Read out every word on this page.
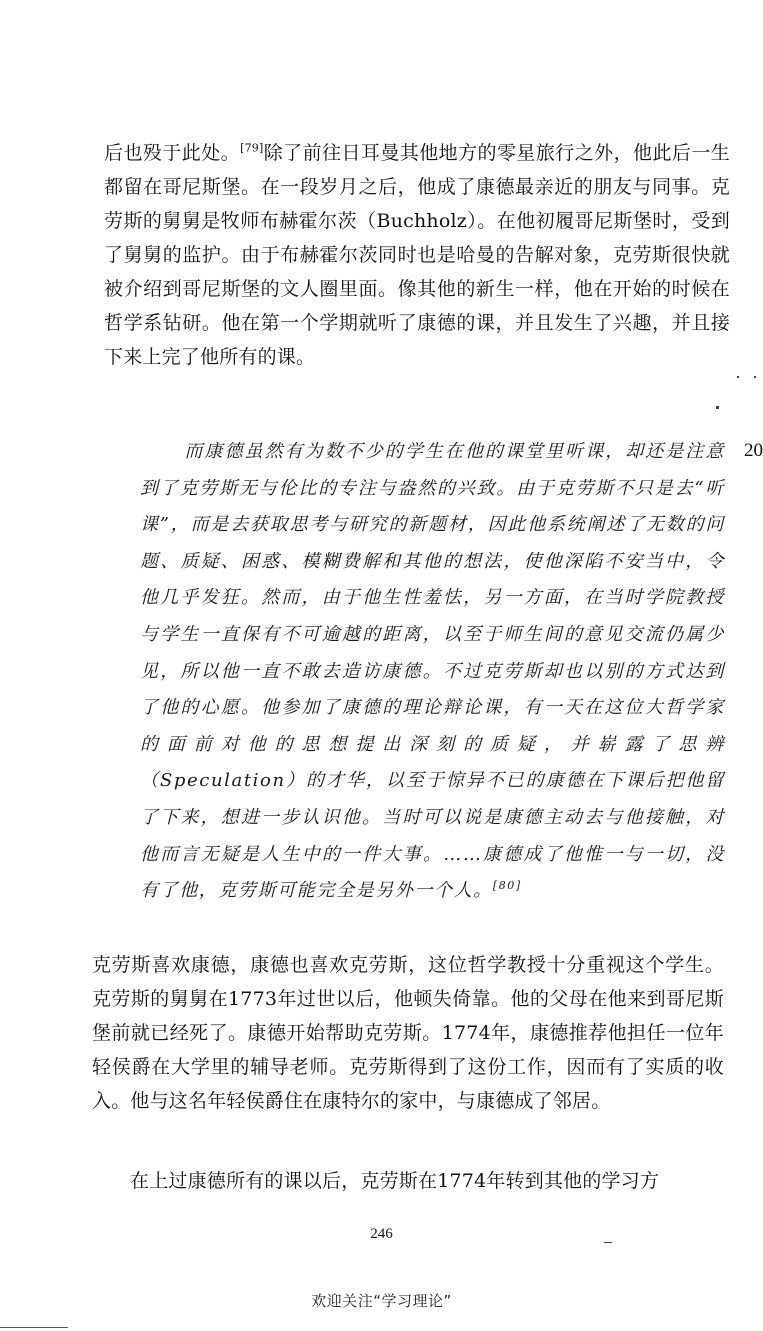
后也殁于此处。[79]除了前往日耳曼其他地方的零星旅行之外，他此后一生都留在哥尼斯堡。在一段岁月之后，他成了康德最亲近的朋友与同事。克劳斯的舅舅是牧师布赫霍尔茨（Buchholz）。在他初履哥尼斯堡时，受到了舅舅的监护。由于布赫霍尔茨同时也是哈曼的告解对象，克劳斯很快就被介绍到哥尼斯堡的文人圈里面。像其他的新生一样，他在开始的时候在哲学系钻研。他在第一个学期就听了康德的课，并且发生了兴趣，并且接下来上完了他所有的课。
而康德虽然有为数不少的学生在他的课堂里听课，却还是注意到了克劳斯无与伦比的专注与盎然的兴致。由于克劳斯不只是去“听课”，而是去获取思考与研究的新题材，因此他系统阐述了无数的问题、质疑、困惑、模糊费解和其他的想法，使他深陷不安当中，令他几乎发狂。然而，由于他生性羞怯，另一方面，在当时学院教授与学生一直保有不可逾越的距离，以至于师生间的意见交流仍属少见，所以他一直不敢去造访康德。不过克劳斯却也以别的方式达到了他的心愿。他参加了康德的理论辩论课，有一天在这位大哲学家的面前对他的思想提出深刻的质疑，并崭露了思辨（Speculation）的才华，以至于惊异不已的康德在下课后把他留了下来，想进一步认识他。当时可以说是康德主动去与他接触，对他而言无疑是人生中的一件大事。……康德成了他惟一与一切，没有了他，克劳斯可能完全是另外一个人。[80]
20
克劳斯喜欢康德，康德也喜欢克劳斯，这位哲学教授十分重视这个学生。克劳斯的舅舅在1773年过世以后，他顿失倚靠。他的父母在他来到哥尼斯堡前就已经死了。康德开始帮助克劳斯。1774年，康德推荐他担任一位年轻侯爵在大学里的辅导老师。克劳斯得到了这份工作，因而有了实质的收入。他与这名年轻侯爵住在康特尔的家中，与康德成了邻居。
在上过康德所有的课以后，克劳斯在1774年转到其他的学习方
246
欢迎关注“学习理论”
